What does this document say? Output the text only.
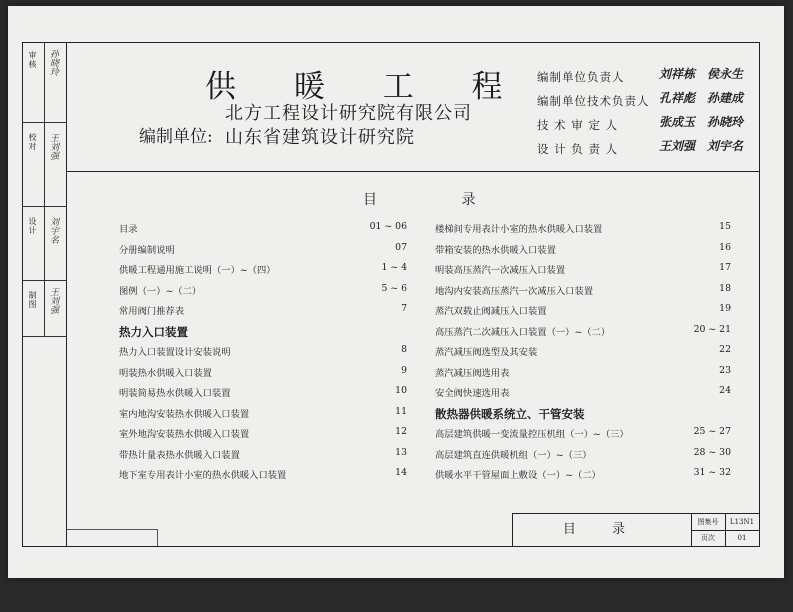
审核 孙晓玲
校对 王刘强
设计 刘宇名
制图 王刘强
供 暖 工 程
编制单位:
北方工程设计研究院有限公司
山东省建筑设计研究院
编制单位负责人	刘祥栋 侯永生
编制单位技术负责人 孔祥彪 孙建成
技 术 审 定 人	张成玉 孙晓玲
设 计 负 责 人	王刘强 刘宇名
目 录
目录	01 ~ 06
分册编制说明	07
供暖工程通用施工说明（一）~（四）	1 ~ 4
图例（一）~（二）	5 ~ 6
常用阀门推荐表	7
热力入口装置
热力入口装置设计安装说明	8
明装热水供暖入口装置	9
明装简易热水供暖入口装置	10
室内地沟安装热水供暖入口装置	11
室外地沟安装热水供暖入口装置	12
带热计量表热水供暖入口装置	13
地下室专用表计小室的热水供暖入口装置	14
楼梯间专用表计小室的热水供暖入口装置	15
带箱安装的热水供暖入口装置	16
明装高压蒸汽一次减压入口装置	17
地沟内安装高压蒸汽一次减压入口装置	18
蒸汽双载止阀减压入口装置	19
高压蒸汽二次减压入口装置（一）~（二）	20 ~ 21
蒸汽减压阀选型及其安装	22
蒸汽减压阀选用表	23
安全阀快速选用表	24
散热器供暖系统立、干管安装
高层建筑供暖一变流量控压机组（一）~（三）	25 ~ 27
高层建筑直连供暖机组（一）~（三）	28 ~ 30
供暖水平干管屋面上敷设（一）~（二）	31 ~ 32
目 录	图集号	L13N1
页次	01
